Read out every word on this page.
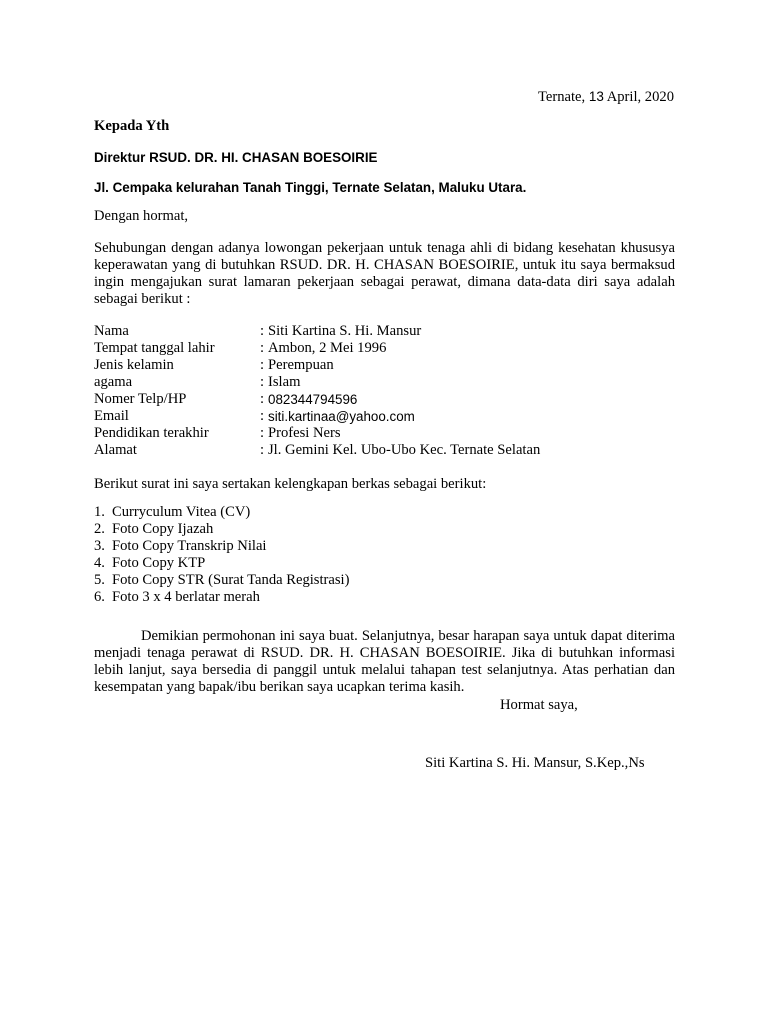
Ternate, 13 April, 2020
Kepada Yth
Direktur RSUD. DR. HI. CHASAN BOESOIRIE
Jl. Cempaka kelurahan Tanah Tinggi, Ternate Selatan, Maluku Utara.
Dengan hormat,
Sehubungan dengan adanya lowongan pekerjaan untuk tenaga ahli di bidang kesehatan khususya keperawatan yang di butuhkan RSUD. DR. H. CHASAN BOESOIRIE, untuk itu saya bermaksud ingin mengajukan surat lamaran pekerjaan sebagai perawat, dimana data-data diri saya adalah sebagai berikut :
Nama	:	Siti Kartina S. Hi. Mansur
Tempat tanggal lahir	:	Ambon, 2 Mei 1996
Jenis kelamin	:	Perempuan
agama	:	Islam
Nomer Telp/HP	:	082344794596
Email	:	siti.kartinaa@yahoo.com
Pendidikan terakhir	:	Profesi Ners
Alamat	:	Jl. Gemini Kel. Ubo-Ubo Kec. Ternate Selatan
Berikut surat ini saya sertakan kelengkapan berkas sebagai berikut:
1. Curryculum Vitea (CV)
2. Foto Copy Ijazah
3. Foto Copy Transkrip Nilai
4. Foto Copy KTP
5. Foto Copy STR (Surat Tanda Registrasi)
6. Foto 3 x 4 berlatar merah
Demikian permohonan ini saya buat. Selanjutnya, besar harapan saya untuk dapat diterima menjadi tenaga perawat di RSUD. DR. H. CHASAN BOESOIRIE. Jika di butuhkan informasi lebih lanjut, saya bersedia di panggil untuk melalui tahapan test selanjutnya. Atas perhatian dan kesempatan yang bapak/ibu berikan saya ucapkan terima kasih.
Hormat saya,
Siti Kartina S. Hi. Mansur, S.Kep.,Ns
